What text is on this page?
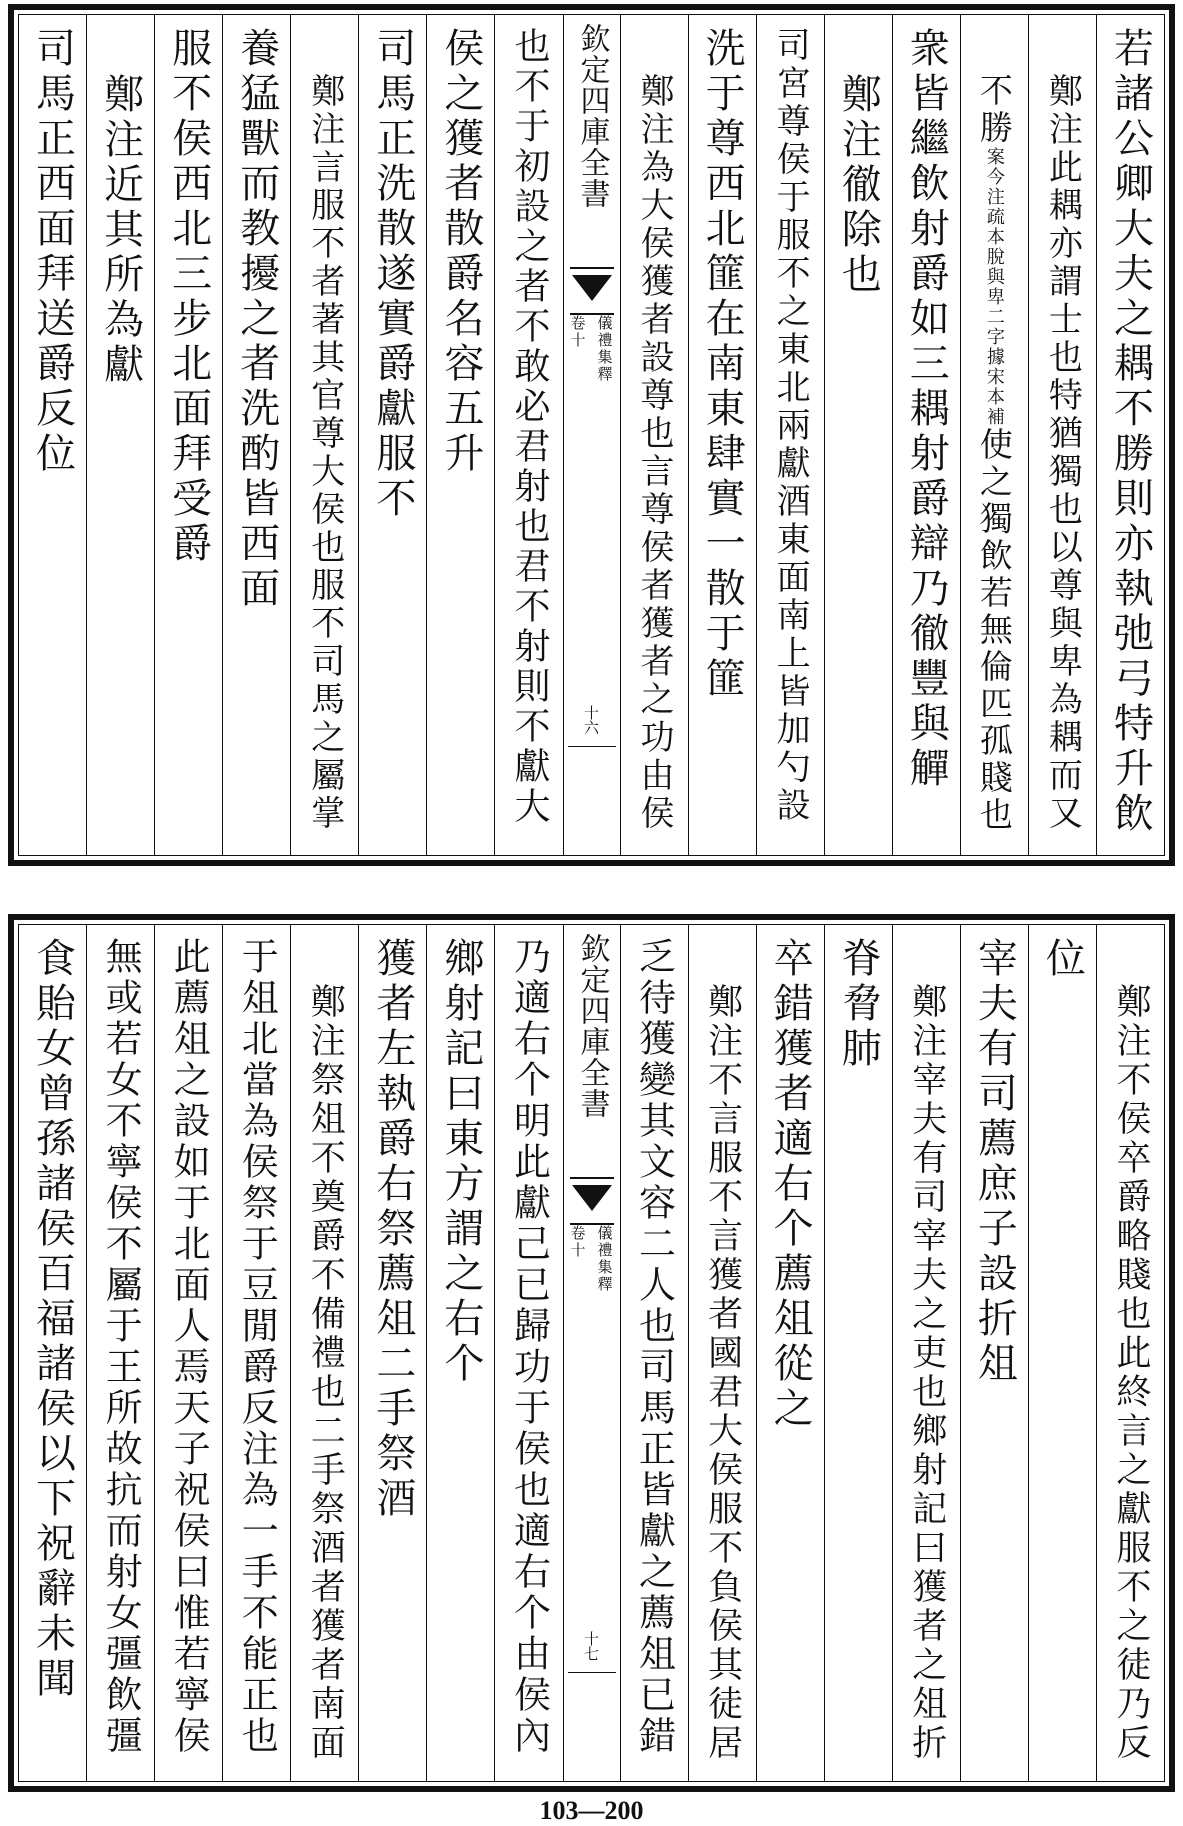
若諸公卿大夫之耦不勝則亦執弛弓特升飲
鄭注此耦亦謂士也特猶獨也以尊與卑為耦而又
不勝案今注疏本脫與卑二字據宋本補使之獨飲若無倫匹孤賤也
衆皆繼飲射爵如三耦射爵辯乃徹豐與觶
鄭注徹除也
司宮尊侯于服不之東北兩獻酒東面南上皆加勺設
洗于尊西北篚在南東肆實一散于篚
鄭注為大侯獲者設尊也言尊侯者獲者之功由侯
欽定四庫全書
儀禮集釋
卷十
十六
也不于初設之者不敢必君射也君不射則不獻大
侯之獲者散爵名容五升
司馬正洗散遂實爵獻服不
鄭注言服不者著其官尊大侯也服不司馬之屬掌
養猛獸而教擾之者洗酌皆西面
服不侯西北三步北面拜受爵
鄭注近其所為獻
司馬正西面拜送爵反位
鄭注不侯卒爵略賤也此終言之獻服不之徒乃反
位
宰夫有司薦庶子設折俎
鄭注宰夫有司宰夫之吏也鄉射記曰獲者之俎折
脊脅肺
卒錯獲者適右个薦俎從之
鄭注不言服不言獲者國君大侯服不負侯其徒居
乏待獲變其文容二人也司馬正皆獻之薦俎已錯
欽定四庫全書
儀禮集釋
卷十
十七
乃適右个明此獻己已歸功于侯也適右个由侯內
鄉射記曰東方謂之右个
獲者左執爵右祭薦俎二手祭酒
鄭注祭俎不奠爵不備禮也二手祭酒者獲者南面
于俎北當為侯祭于豆閒爵反注為一手不能正也
此薦俎之設如于北面人焉天子祝侯曰惟若寧侯
無或若女不寧侯不屬于王所故抗而射女彊飲彊
食貽女曾孫諸侯百福諸侯以下祝辭未聞
103—200
